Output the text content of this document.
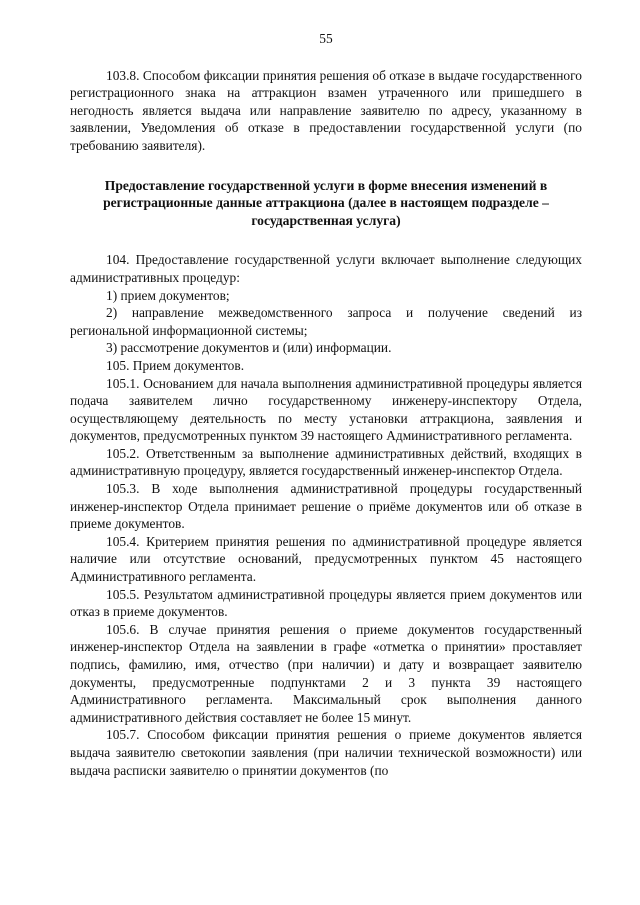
55

103.8. Способом фиксации принятия решения об отказе в выдаче государственного регистрационного знака на аттракцион взамен утраченного или пришедшего в негодность является выдача или направление заявителю по адресу, указанному в заявлении, Уведомления об отказе в предоставлении государственной услуги (по требованию заявителя).

Предоставление государственной услуги в форме внесения изменений в регистрационные данные аттракциона (далее в настоящем подразделе – государственная услуга)

104. Предоставление государственной услуги включает выполнение следующих административных процедур:

1) прием документов;

2) направление межведомственного запроса и получение сведений из региональной информационной системы;

3) рассмотрение документов и (или) информации.

105. Прием документов.

105.1. Основанием для начала выполнения административной процедуры является подача заявителем лично государственному инженеру-инспектору Отдела, осуществляющему деятельность по месту установки аттракциона, заявления и документов, предусмотренных пунктом 39 настоящего Административного регламента.

105.2. Ответственным за выполнение административных действий, входящих в административную процедуру, является государственный инженер-инспектор Отдела.

105.3. В ходе выполнения административной процедуры государственный инженер-инспектор Отдела принимает решение о приёме документов или об отказе в приеме документов.

105.4. Критерием принятия решения по административной процедуре является наличие или отсутствие оснований, предусмотренных пунктом 45 настоящего Административного регламента.

105.5. Результатом административной процедуры является прием документов или отказ в приеме документов.

105.6. В случае принятия решения о приеме документов государственный инженер-инспектор Отдела на заявлении в графе «отметка о принятии» проставляет подпись, фамилию, имя, отчество (при наличии) и дату и возвращает заявителю документы, предусмотренные подпунктами 2 и 3 пункта 39 настоящего Административного регламента. Максимальный срок выполнения данного административного действия составляет не более 15 минут.

105.7. Способом фиксации принятия решения о приеме документов является выдача заявителю светокопии заявления (при наличии технической возможности) или выдача расписки заявителю о принятии документов (по
